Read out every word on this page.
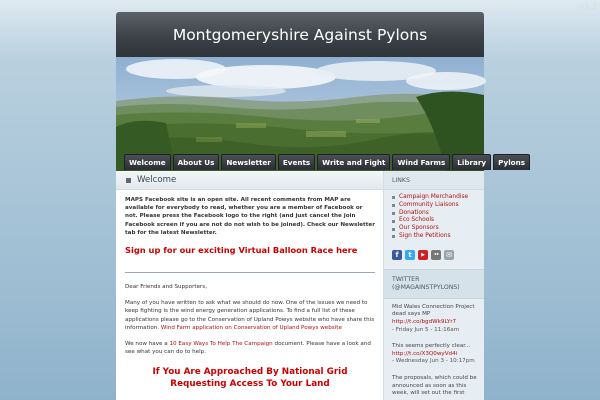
v1.2
Montgomeryshire Against Pylons
Welcome	About Us	Newsletter	Events	Write and Fight	Wind Farms	Library	Pylons
Welcome

MAPS Facebook site is an open site. All recent comments from MAP are available for everybody to read, whether you are a member of Facebook or not. Please press the Facebook logo to the right (and just cancel the join Facebook screen if you are not do not wish to be joined). Check our Newsletter tab for the latest Newsletter.

Sign up for our exciting Virtual Balloon Race here

Dear Friends and Supporters,

Many of you have written to ask what we should do now. One of the issues we need to keep fighting is the wind energy generation applications. To find a full list of these applications please go to the Conservation of Upland Powys website who have share this information. Wind Farm application on Conservation of Upland Powys website

We now have a 10 Easy Ways To Help The Campaign document. Please have a look and see what you can do to help.

If You Are Approached By National Grid Requesting Access To Your Land
LINKS
Campaign Merchandise
Community Liaisons
Donations
Eco Schools
Our Sponsors
Sign the Petitions
f	t	▶	••	✉
TWITTER (@MAGAINSTPYLONS)
Mid Wales Connection Project dead says MP
http://t.co/bgdWk9LYr7
- Friday Jun 5 - 11:16am
This seems perfectly clear...
http://t.co/X3Q0wyVd4i
- Wednesday Jun 3 - 10:17pm
The proposals, which could be announced as soon as this week, will set out the first
